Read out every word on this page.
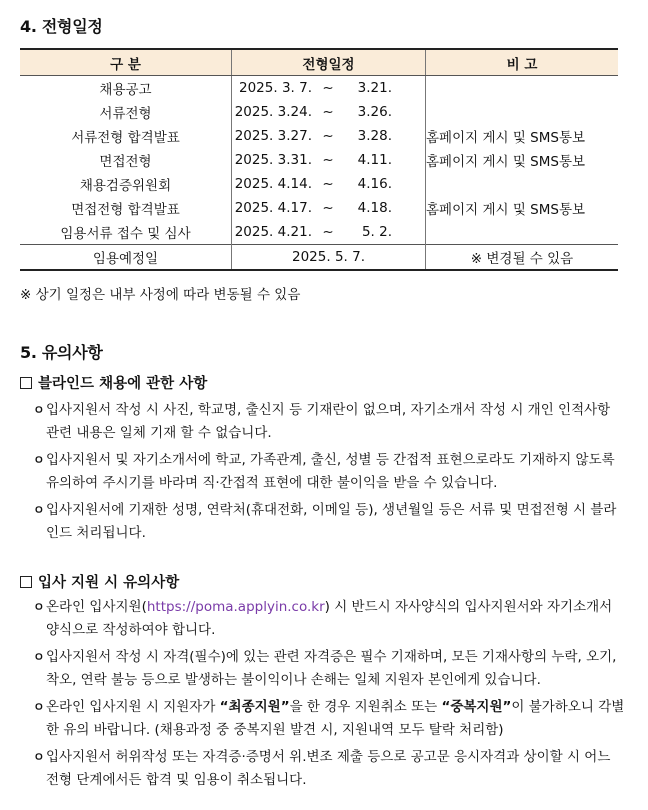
4. 전형일정
구 분	전형일정	비 고
채용공고	2025. 3. 7. ~ 3.21.	
서류전형	2025. 3.24. ~ 3.26.	
서류전형 합격발표	2025. 3.27. ~ 3.28.	홈페이지 게시 및 SMS통보
면접전형	2025. 3.31. ~ 4.11.	홈페이지 게시 및 SMS통보
채용검증위원회	2025. 4.14. ~ 4.16.	
면접전형 합격발표	2025. 4.17. ~ 4.18.	홈페이지 게시 및 SMS통보
임용서류 접수 및 심사	2025. 4.21. ~ 5. 2.	
임용예정일	2025. 5. 7.	※ 변경될 수 있음
※ 상기 일정은 내부 사정에 따라 변동될 수 있음
5. 유의사항
블라인드 채용에 관한 사항
ㅇ 입사지원서 작성 시 사진, 학교명, 출신지 등 기재란이 없으며, 자기소개서 작성 시 개인 인적사항 관련 내용은 일체 기재 할 수 없습니다.
ㅇ 입사지원서 및 자기소개서에 학교, 가족관계, 출신, 성별 등 간접적 표현으로라도 기재하지 않도록 유의하여 주시기를 바라며 직·간접적 표현에 대한 불이익을 받을 수 있습니다.
ㅇ 입사지원서에 기재한 성명, 연락처(휴대전화, 이메일 등), 생년월일 등은 서류 및 면접전형 시 블라인드 처리됩니다.
입사 지원 시 유의사항
ㅇ 온라인 입사지원(https://poma.applyin.co.kr) 시 반드시 자사양식의 입사지원서와 자기소개서 양식으로 작성하여야 합니다.
ㅇ 입사지원서 작성 시 자격(필수)에 있는 관련 자격증은 필수 기재하며, 모든 기재사항의 누락, 오기, 착오, 연락 불능 등으로 발생하는 불이익이나 손해는 일체 지원자 본인에게 있습니다.
ㅇ 온라인 입사지원 시 지원자가 “최종지원”을 한 경우 지원취소 또는 “중복지원”이 불가하오니 각별한 유의 바랍니다. (채용과정 중 중복지원 발견 시, 지원내역 모두 탈락 처리함)
ㅇ 입사지원서 허위작성 또는 자격증·증명서 위.변조 제출 등으로 공고문 응시자격과 상이할 시 어느 전형 단계에서든 합격 및 임용이 취소됩니다.
